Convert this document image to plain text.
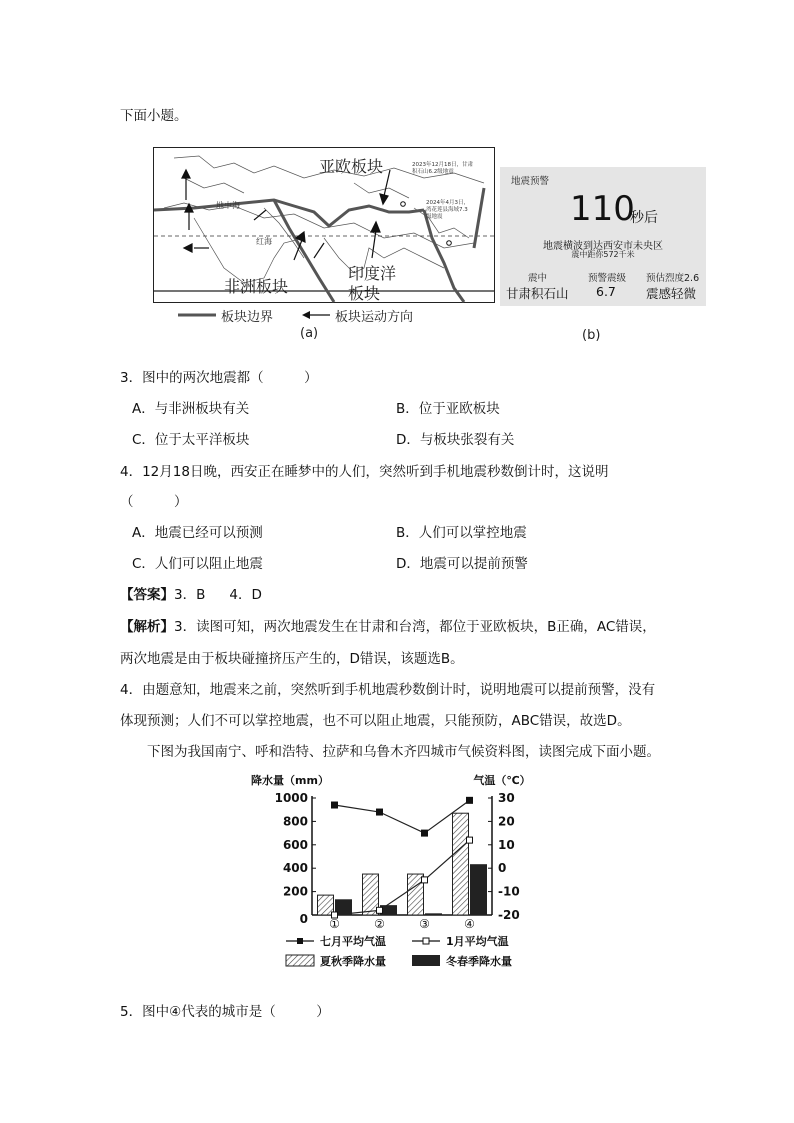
下面小题。
亚欧板块
非洲板块
印度洋
板块
红海
地中海
2023年12月18日，甘肃
积石山6.2级地震
2024年4月3日，
湾花莲县海域7.3
级地震
板块边界	板块运动方向
(a)
地震预警
110
秒后
地震横波到达西安市未央区
震中距你572千米
震中	预警震级 预估烈度2.6
甘肃积石山 6.7 震感轻微
(b)
3．图中的两次地震都（　　　）
A．与非洲板块有关	B．位于亚欧板块
C．位于太平洋板块	D．与板块张裂有关
4．12月18日晚，西安正在睡梦中的人们，突然听到手机地震秒数倒计时，这说明
（　　　）
A．地震已经可以预测	B．人们可以掌控地震
C．人们可以阻止地震	D．地震可以提前预警
【答案】3．B 4．D
【解析】3．读图可知，两次地震发生在甘肃和台湾，都位于亚欧板块，B正确，AC错误，
两次地震是由于板块碰撞挤压产生的，D错误，该题选B。
4．由题意知，地震来之前，突然听到手机地震秒数倒计时，说明地震可以提前预警，没有
体现预测；人们不可以掌控地震，也不可以阻止地震，只能预防，ABC错误，故选D。
下图为我国南宁、呼和浩特、拉萨和乌鲁木齐四城市气候资料图，读图完成下面小题。
降水量（mm）	气温（℃）
1000
800
600
400
200
0
30
20
10
0
-10
-20
①	②	③	④
七月平均气温	1月平均气温
夏秋季降水量	冬春季降水量
5．图中④代表的城市是（　　　）
